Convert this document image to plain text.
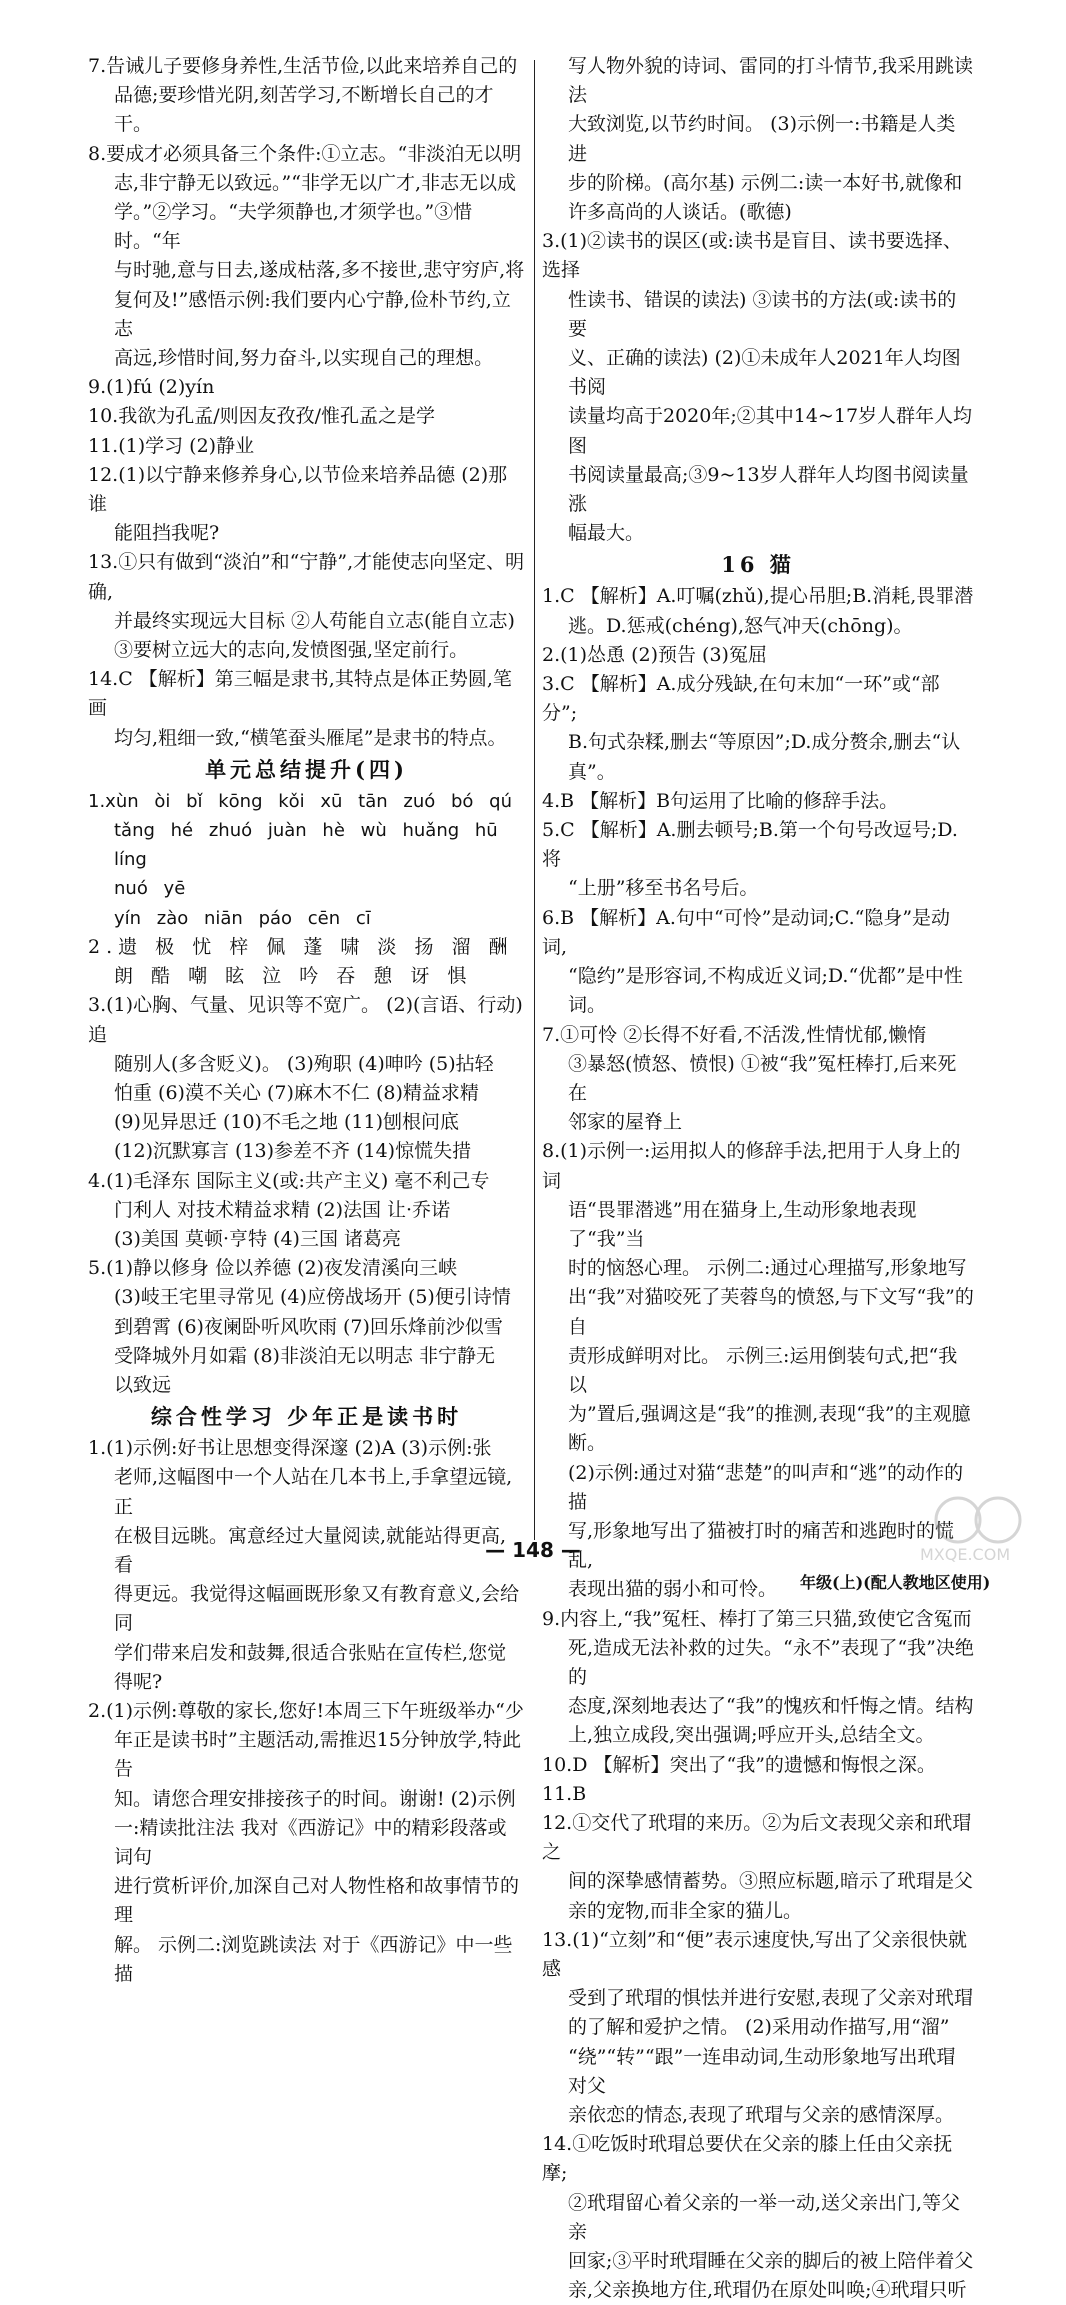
7.告诫儿子要修身养性,生活节俭,以此来培养自己的

品德;要珍惜光阴,刻苦学习,不断增长自己的才干。

8.要成才必须具备三个条件:①立志。“非淡泊无以明

志,非宁静无以致远。”“非学无以广才,非志无以成

学。”②学习。“夫学须静也,才须学也。”③惜时。“年

与时驰,意与日去,遂成枯落,多不接世,悲守穷庐,将

复何及!”感悟示例:我们要内心宁静,俭朴节约,立志

高远,珍惜时间,努力奋斗,以实现自己的理想。

9.(1)fú (2)yín

10.我欲为孔孟/则因友孜孜/惟孔孟之是学

11.(1)学习 (2)静业

12.(1)以宁静来修养身心,以节俭来培养品德 (2)那谁

能阻挡我呢?

13.①只有做到“淡泊”和“宁静”,才能使志向坚定、明确,

并最终实现远大目标 ②人苟能自立志(能自立志)

③要树立远大的志向,发愤图强,坚定前行。

14.C 【解析】第三幅是隶书,其特点是体正势圆,笔画

均匀,粗细一致,“横笔蚕头雁尾”是隶书的特点。

单元总结提升(四)

1.xùn òi bǐ kōng kǒi xū tān zuó bó qú

tǎng hé zhuó juàn hè wù huǎng hū líng

nuó yē

yín zào niān páo cēn cī

2.遗 极 忧 梓 佩 蓬 啸 淡 扬 溜 酬

朗 酷 嘲 眩 泣 吟 吞 憩 讶 惧

3.(1)心胸、气量、见识等不宽广。 (2)(言语、行动)追

随别人(多含贬义)。 (3)殉职 (4)呻吟 (5)拈轻

怕重 (6)漠不关心 (7)麻木不仁 (8)精益求精

(9)见异思迁 (10)不毛之地 (11)刨根问底

(12)沉默寡言 (13)参差不齐 (14)惊慌失措

4.(1)毛泽东 国际主义(或:共产主义) 毫不利己专

门利人 对技术精益求精 (2)法国 让·乔诺

(3)美国 莫顿·亨特 (4)三国 诸葛亮

5.(1)静以修身 俭以养德 (2)夜发清溪向三峡

(3)岐王宅里寻常见 (4)应傍战场开 (5)便引诗情

到碧霄 (6)夜阑卧听风吹雨 (7)回乐烽前沙似雪

受降城外月如霜 (8)非淡泊无以明志 非宁静无

以致远

综合性学习 少年正是读书时

1.(1)示例:好书让思想变得深邃 (2)A (3)示例:张

老师,这幅图中一个人站在几本书上,手拿望远镜,正

在极目远眺。寓意经过大量阅读,就能站得更高,看

得更远。我觉得这幅画既形象又有教育意义,会给同

学们带来启发和鼓舞,很适合张贴在宣传栏,您觉

得呢?

2.(1)示例:尊敬的家长,您好!本周三下午班级举办“少

年正是读书时”主题活动,需推迟15分钟放学,特此告

知。请您合理安排接孩子的时间。谢谢! (2)示例

一:精读批注法 我对《西游记》中的精彩段落或词句

进行赏析评价,加深自己对人物性格和故事情节的理

解。 示例二:浏览跳读法 对于《西游记》中一些描

写人物外貌的诗词、雷同的打斗情节,我采用跳读法

大致浏览,以节约时间。 (3)示例一:书籍是人类进

步的阶梯。(高尔基) 示例二:读一本好书,就像和

许多高尚的人谈话。(歌德)

3.(1)②读书的误区(或:读书是盲目、读书要选择、选择

性读书、错误的读法) ③读书的方法(或:读书的要

义、正确的读法) (2)①未成年人2021年人均图书阅

读量均高于2020年;②其中14~17岁人群年人均图

书阅读量最高;③9~13岁人群年人均图书阅读量涨

幅最大。

16 猫

1.C 【解析】A.叮嘱(zhǔ),提心吊胆;B.消耗,畏罪潜

逃。D.惩戒(chéng),怒气冲天(chōng)。

2.(1)怂恿 (2)预告 (3)冤屈

3.C 【解析】A.成分残缺,在句末加“一环”或“部分”;

B.句式杂糅,删去“等原因”;D.成分赘余,删去“认真”。

4.B 【解析】B句运用了比喻的修辞手法。

5.C 【解析】A.删去顿号;B.第一个句号改逗号;D.将

“上册”移至书名号后。

6.B 【解析】A.句中“可怜”是动词;C.“隐身”是动词,

“隐约”是形容词,不构成近义词;D.“优都”是中性词。

7.①可怜 ②长得不好看,不活泼,性情忧郁,懒惰

③暴怒(愤怒、愤恨) ①被“我”冤枉棒打,后来死在

邻家的屋脊上

8.(1)示例一:运用拟人的修辞手法,把用于人身上的词

语“畏罪潜逃”用在猫身上,生动形象地表现了“我”当

时的恼怒心理。 示例二:通过心理描写,形象地写

出“我”对猫咬死了芙蓉鸟的愤怒,与下文写“我”的自

责形成鲜明对比。 示例三:运用倒装句式,把“我以

为”置后,强调这是“我”的推测,表现“我”的主观臆断。

(2)示例:通过对猫“悲楚”的叫声和“逃”的动作的描

写,形象地写出了猫被打时的痛苦和逃跑时的慌乱,

表现出猫的弱小和可怜。

9.内容上,“我”冤枉、棒打了第三只猫,致使它含冤而

死,造成无法补救的过失。“永不”表现了“我”决绝的

态度,深刻地表达了“我”的愧疚和忏悔之情。结构

上,独立成段,突出强调;呼应开头,总结全文。

10.D 【解析】突出了“我”的遗憾和悔恨之深。

11.B

12.①交代了玳瑁的来历。②为后文表现父亲和玳瑁之

间的深挚感情蓄势。③照应标题,暗示了玳瑁是父

亲的宠物,而非全家的猫儿。

13.(1)“立刻”和“便”表示速度快,写出了父亲很快就感

受到了玳瑁的惧怯并进行安慰,表现了父亲对玳瑁

的了解和爱护之情。 (2)采用动作描写,用“溜”

“绕”“转”“跟”一连串动词,生动形象地写出玳瑁对父

亲依恋的情态,表现了玳瑁与父亲的感情深厚。

14.①吃饭时玳瑁总要伏在父亲的膝上任由父亲抚摩;

②玳瑁留心着父亲的一举一动,送父亲出门,等父亲

回家;③平时玳瑁睡在父亲的脚后的被上陪伴着父

亲,父亲换地方住,玳瑁仍在原处叫唤;④玳瑁只听

— 148 —
年级(上)(配人教地区使用)
MXQE.COM
